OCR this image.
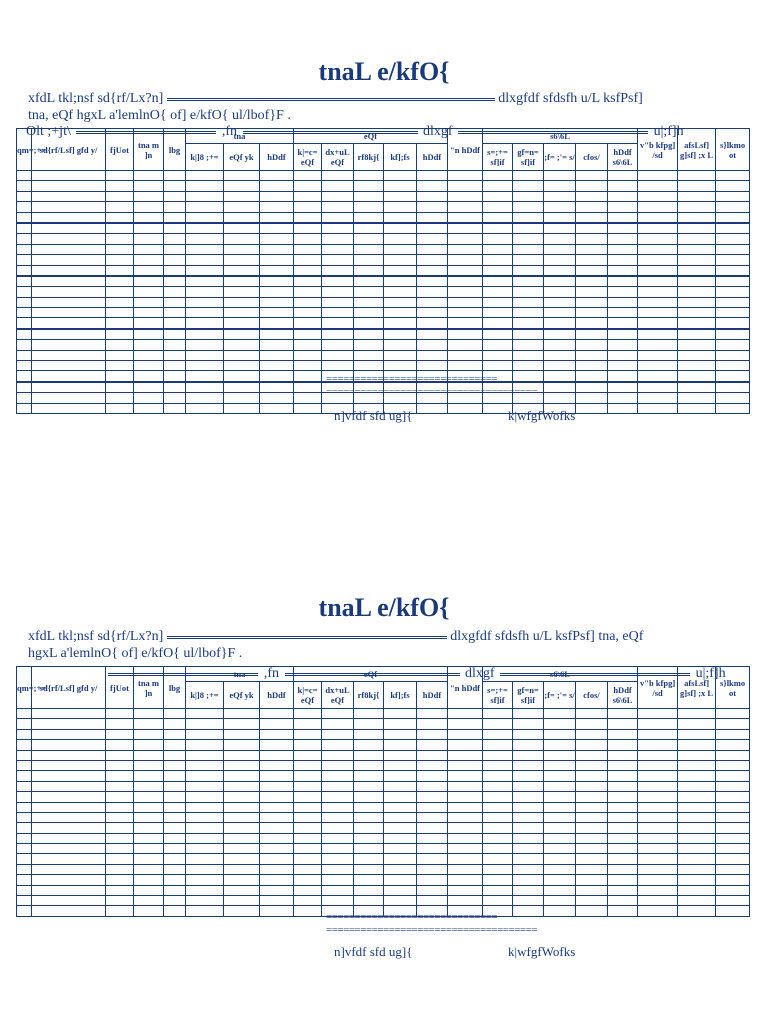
tnaL e/kfO{
xfdL tkl;nsf sd{rf/Lx?n]	dlxgfdf sfdsfh u/L ksfPsf]
tna, eQf hgxL a'lemlnO{ of] e/kfO{ ul/lbof}F .
Olt ;+jt\	,fn	dlxgf	u|;f]h
qm=;+=	sd{rf/Lsf] gfd y/	fjUot	tna m ]n	lbg	tna			eQf					"n hDdf	s6\6L					v"b kfpg] /sd	afsLsf] g]sf] ;x L	s}lkmo ot
					k|]8 ;+=	eQf yk	hDdf	k|=c= eQf	dx+uL eQf	rf8kj{	kf];fs	hDdf		s=;+= sf]if	gf=n= sf]if	;f= ;'= s/	cfos/	hDdf s6\6L			

==============================
=====================================
n]vfdf sfd ug]{	k|wfgfWofks
tnaL e/kfO{
xfdL tkl;nsf sd{rf/Lx?n]	dlxgfdf sfdsfh u/L ksfPsf] tna, eQf
hgxL a'lemlnO{ of] e/kfO{ ul/lbof}F .
,fn	dlxgf	u|;f]h
qm=;+=	sd{rf/Lsf] gfd y/	fjUot	tna m ]n	lbg	tna			eQf					"n hDdf	s6\6L					v"b kfpg] /sd	afsLsf] g]sf] ;x L	s}lkmo ot
					k|]8 ;+=	eQf yk	hDdf	k|=c= eQf	dx+uL eQf	rf8kj{	kf];fs	hDdf		s=;+= sf]if	gf=n= sf]if	;f= ;'= s/	cfos/	hDdf s6\6L			

==============================
=====================================
n]vfdf sfd ug]{	k|wfgfWofks
